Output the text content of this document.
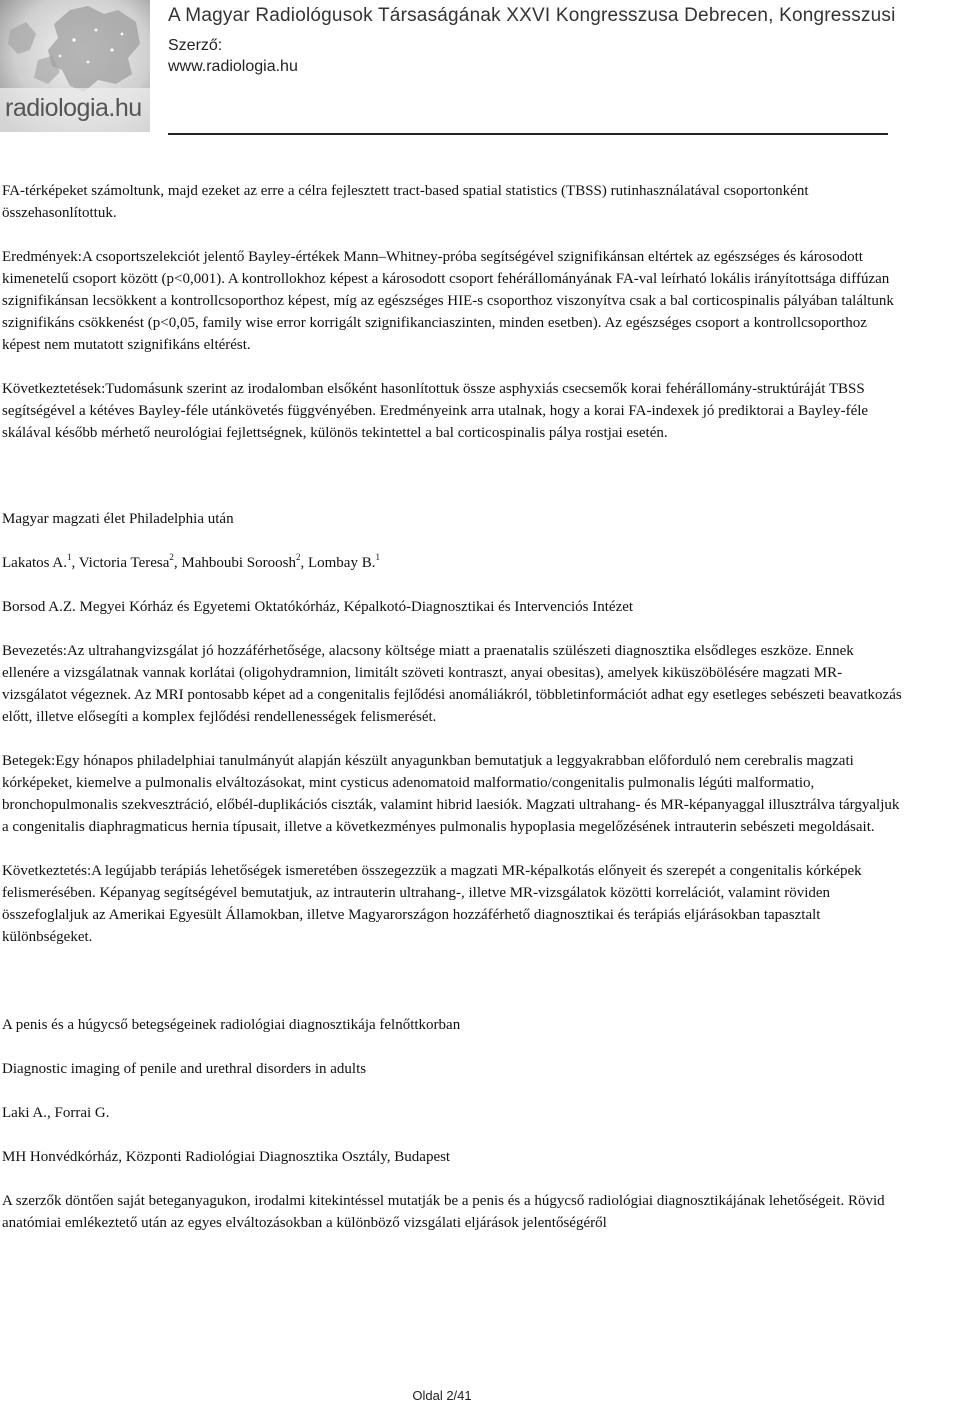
radiologia.hu
A Magyar Radiológusok Társaságának XXVI Kongresszusa Debrecen, Kongresszusi
Szerző:
www.radiologia.hu

FA-térképeket számoltunk, majd ezeket az erre a célra fejlesztett tract-based spatial statistics (TBSS) rutinhasználatával csoportonként összehasonlítottuk.

Eredmények:A csoportszelekciót jelentő Bayley-értékek Mann–Whitney-próba segítségével szignifikánsan eltértek az egészséges és károsodott kimenetelű csoport között (p<0,001). A kontrollokhoz képest a károsodott csoport fehérállományának FA-val leírható lokális irányítottsága diffúzan szignifikánsan lecsökkent a kontrollcsoporthoz képest, míg az egészséges HIE-s csoporthoz viszonyítva csak a bal corticospinalis pályában találtunk szignifikáns csökkenést (p<0,05, family wise error korrigált szignifikanciaszinten, minden esetben). Az egészséges csoport a kontrollcsoporthoz képest nem mutatott szignifikáns eltérést.

Következtetések:Tudomásunk szerint az irodalomban elsőként hasonlítottuk össze asphyxiás csecsemők korai fehérállomány-struktúráját TBSS segítségével a kétéves Bayley-féle utánkövetés függvényében. Eredményeink arra utalnak, hogy a korai FA-indexek jó prediktorai a Bayley-féle skálával később mérhető neurológiai fejlettségnek, különös tekintettel a bal corticospinalis pálya rostjai esetén.

Magyar magzati élet Philadelphia után

Lakatos A.$^1$, Victoria Teresa$^2$, Mahboubi Soroosh$^2$, Lombay B.$^1$

Borsod A.Z. Megyei Kórház és Egyetemi Oktatókórház, Képalkotó-Diagnosztikai és Intervenciós Intézet

Bevezetés:Az ultrahangvizsgálat jó hozzáférhetősége, alacsony költsége miatt a praenatalis szülészeti diagnosztika elsődleges eszköze. Ennek ellenére a vizsgálatnak vannak korlátai (oligohydramnion, limitált szöveti kontraszt, anyai obesitas), amelyek kiküszöbölésére magzati MR-vizsgálatot végeznek. Az MRI pontosabb képet ad a congenitalis fejlődési anomáliákról, többletinformációt adhat egy esetleges sebészeti beavatkozás előtt, illetve elősegíti a komplex fejlődési rendellenességek felismerését.

Betegek:Egy hónapos philadelphiai tanulmányút alapján készült anyagunkban bemutatjuk a leggyakrabban előforduló nem cerebralis magzati kórképeket, kiemelve a pulmonalis elváltozásokat, mint cysticus adenomatoid malformatio/congenitalis pulmonalis légúti malformatio, bronchopulmonalis szekvesztráció, előbél-duplikációs ciszták, valamint hibrid laesiók. Magzati ultrahang- és MR-képanyaggal illusztrálva tárgyaljuk a congenitalis diaphragmaticus hernia típusait, illetve a következményes pulmonalis hypoplasia megelőzésének intrauterin sebészeti megoldásait.

Következtetés:A legújabb terápiás lehetőségek ismeretében összegezzük a magzati MR-képalkotás előnyeit és szerepét a congenitalis kórképek felismerésében. Képanyag segítségével bemutatjuk, az intrauterin ultrahang-, illetve MR-vizsgálatok közötti korrelációt, valamint röviden összefoglaljuk az Amerikai Egyesült Államokban, illetve Magyarországon hozzáférhető diagnosztikai és terápiás eljárásokban tapasztalt különbségeket.

A penis és a húgycső betegségeinek radiológiai diagnosztikája felnőttkorban

Diagnostic imaging of penile and urethral disorders in adults

Laki A., Forrai G.

MH Honvédkórház, Központi Radiológiai Diagnosztika Osztály, Budapest

A szerzők döntően saját beteganyagukon, irodalmi kitekintéssel mutatják be a penis és a húgycső radiológiai diagnosztikájának lehetőségeit. Rövid anatómiai emlékeztető után az egyes elváltozásokban a különböző vizsgálati eljárások jelentőségéről

Oldal 2/41
